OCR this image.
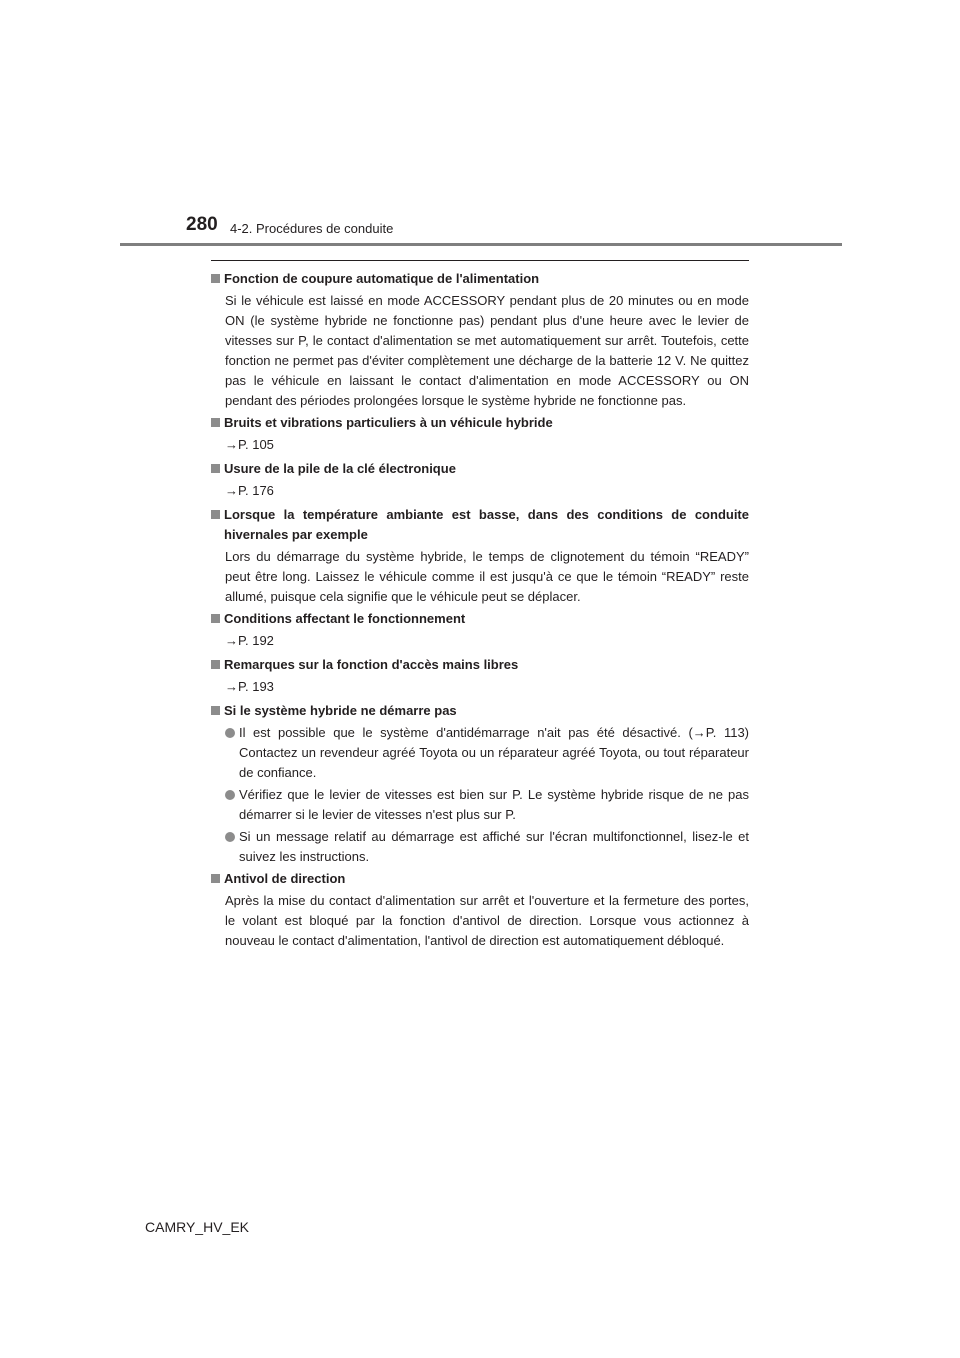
280 4-2. Procédures de conduite
Fonction de coupure automatique de l'alimentation
Si le véhicule est laissé en mode ACCESSORY pendant plus de 20 minutes ou en mode ON (le système hybride ne fonctionne pas) pendant plus d'une heure avec le levier de vitesses sur P, le contact d'alimentation se met automatiquement sur arrêt. Toutefois, cette fonction ne permet pas d'éviter complètement une décharge de la batterie 12 V. Ne quittez pas le véhicule en laissant le contact d'alimentation en mode ACCESSORY ou ON pendant des périodes prolongées lorsque le système hybride ne fonctionne pas.
Bruits et vibrations particuliers à un véhicule hybride
→P. 105
Usure de la pile de la clé électronique
→P. 176
Lorsque la température ambiante est basse, dans des conditions de conduite hivernales par exemple
Lors du démarrage du système hybride, le temps de clignotement du témoin “READY” peut être long. Laissez le véhicule comme il est jusqu'à ce que le témoin “READY” reste allumé, puisque cela signifie que le véhicule peut se déplacer.
Conditions affectant le fonctionnement
→P. 192
Remarques sur la fonction d'accès mains libres
→P. 193
Si le système hybride ne démarre pas
Il est possible que le système d'antidémarrage n'ait pas été désactivé. (→P. 113) Contactez un revendeur agréé Toyota ou un réparateur agréé Toyota, ou tout réparateur de confiance.
Vérifiez que le levier de vitesses est bien sur P. Le système hybride risque de ne pas démarrer si le levier de vitesses n'est plus sur P.
Si un message relatif au démarrage est affiché sur l'écran multifonctionnel, lisez-le et suivez les instructions.
Antivol de direction
Après la mise du contact d'alimentation sur arrêt et l'ouverture et la fermeture des portes, le volant est bloqué par la fonction d'antivol de direction. Lorsque vous actionnez à nouveau le contact d'alimentation, l'antivol de direction est automatiquement débloqué.
CAMRY_HV_EK
